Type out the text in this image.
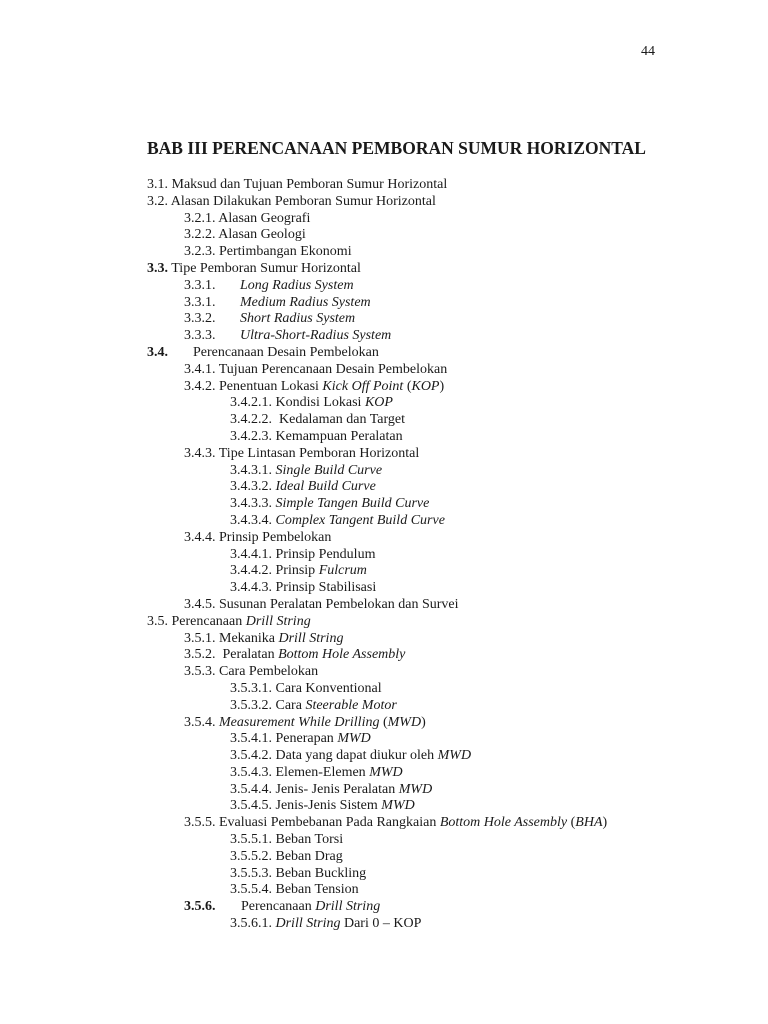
44
BAB III PERENCANAAN PEMBORAN SUMUR HORIZONTAL
3.1. Maksud dan Tujuan Pemboran Sumur Horizontal
3.2. Alasan Dilakukan Pemboran Sumur Horizontal
3.2.1. Alasan Geografi
3.2.2. Alasan Geologi
3.2.3. Pertimbangan Ekonomi
3.3. Tipe Pemboran Sumur Horizontal
3.3.1. Long Radius System
3.3.1. Medium Radius System
3.3.2. Short Radius System
3.3.3. Ultra-Short-Radius System
3.4. Perencanaan Desain Pembelokan
3.4.1. Tujuan Perencanaan Desain Pembelokan
3.4.2. Penentuan Lokasi Kick Off Point (KOP)
3.4.2.1. Kondisi Lokasi KOP
3.4.2.2.  Kedalaman dan Target
3.4.2.3. Kemampuan Peralatan
3.4.3. Tipe Lintasan Pemboran Horizontal
3.4.3.1. Single Build Curve
3.4.3.2. Ideal Build Curve
3.4.3.3. Simple Tangen Build Curve
3.4.3.4. Complex Tangent Build Curve
3.4.4. Prinsip Pembelokan
3.4.4.1. Prinsip Pendulum
3.4.4.2. Prinsip Fulcrum
3.4.4.3. Prinsip Stabilisasi
3.4.5. Susunan Peralatan Pembelokan dan Survei
3.5. Perencanaan Drill String
3.5.1. Mekanika Drill String
3.5.2.  Peralatan Bottom Hole Assembly
3.5.3. Cara Pembelokan
3.5.3.1. Cara Konventional
3.5.3.2. Cara Steerable Motor
3.5.4. Measurement While Drilling (MWD)
3.5.4.1. Penerapan MWD
3.5.4.2. Data yang dapat diukur oleh MWD
3.5.4.3. Elemen-Elemen MWD
3.5.4.4. Jenis- Jenis Peralatan MWD
3.5.4.5. Jenis-Jenis Sistem MWD
3.5.5. Evaluasi Pembebanan Pada Rangkaian Bottom Hole Assembly (BHA)
3.5.5.1. Beban Torsi
3.5.5.2. Beban Drag
3.5.5.3. Beban Buckling
3.5.5.4. Beban Tension
3.5.6. Perencanaan Drill String
3.5.6.1. Drill String Dari 0 – KOP
